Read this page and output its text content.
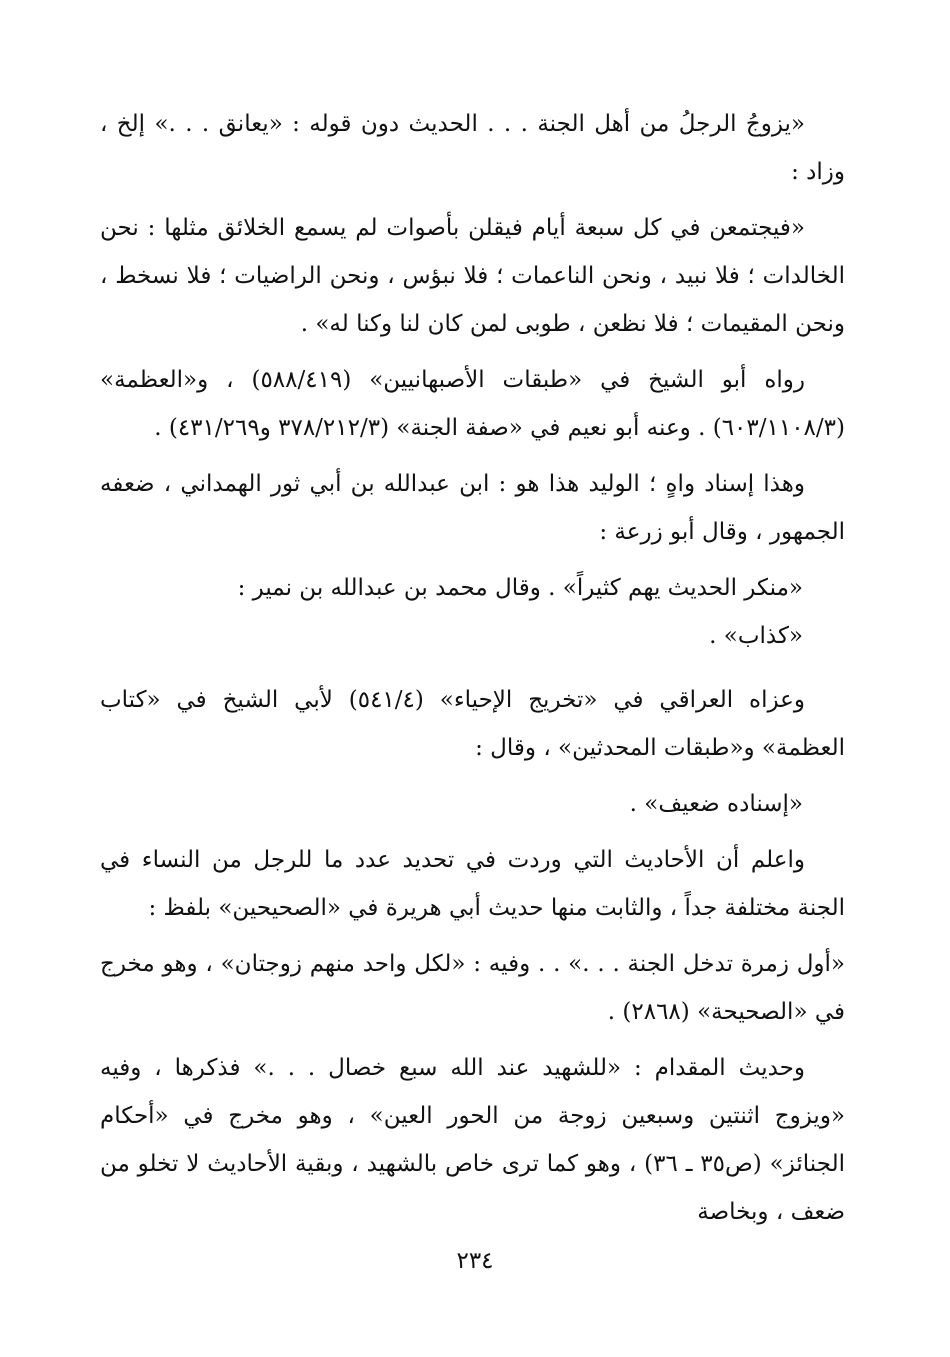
«يزوجُ الرجلُ من أهل الجنة . . . الحديث دون قوله : «يعانق . . .» إلخ ، وزاد :

«فيجتمعن في كل سبعة أيام فيقلن بأصوات لم يسمع الخلائق مثلها : نحن الخالدات ؛ فلا نبيد ، ونحن الناعمات ؛ فلا نبؤس ، ونحن الراضيات ؛ فلا نسخط ، ونحن المقيمات ؛ فلا نظعن ، طوبى لمن كان لنا وكنا له» .

رواه أبو الشيخ في «طبقات الأصبهانيين» (٥٨٨/٤١٩) ، و«العظمة» (٦٠٣/١١٠٨/٣) . وعنه أبو نعيم في «صفة الجنة» (٣٧٨/٢١٢/٣ و٤٣١/٢٦٩) .

وهذا إسناد واهٍ ؛ الوليد هذا هو : ابن عبدالله بن أبي ثور الهمداني ، ضعفه الجمهور ، وقال أبو زرعة :

«منكر الحديث يهم كثيراً» . وقال محمد بن عبدالله بن نمير :

«كذاب» .

وعزاه العراقي في «تخريج الإحياء» (٥٤١/٤) لأبي الشيخ في «كتاب العظمة» و«طبقات المحدثين» ، وقال :

«إسناده ضعيف» .

واعلم أن الأحاديث التي وردت في تحديد عدد ما للرجل من النساء في الجنة مختلفة جداً ، والثابت منها حديث أبي هريرة في «الصحيحين» بلفظ :

«أول زمرة تدخل الجنة . . .» . . وفيه : «لكل واحد منهم زوجتان» ، وهو مخرج في «الصحيحة» (٢٨٦٨) .

وحديث المقدام : «للشهيد عند الله سبع خصال . . .» فذكرها ، وفيه «ويزوج اثنتين وسبعين زوجة من الحور العين» ، وهو مخرج في «أحكام الجنائز» (ص٣٥ ـ ٣٦) ، وهو كما ترى خاص بالشهيد ، وبقية الأحاديث لا تخلو من ضعف ، وبخاصة

٢٣٤
